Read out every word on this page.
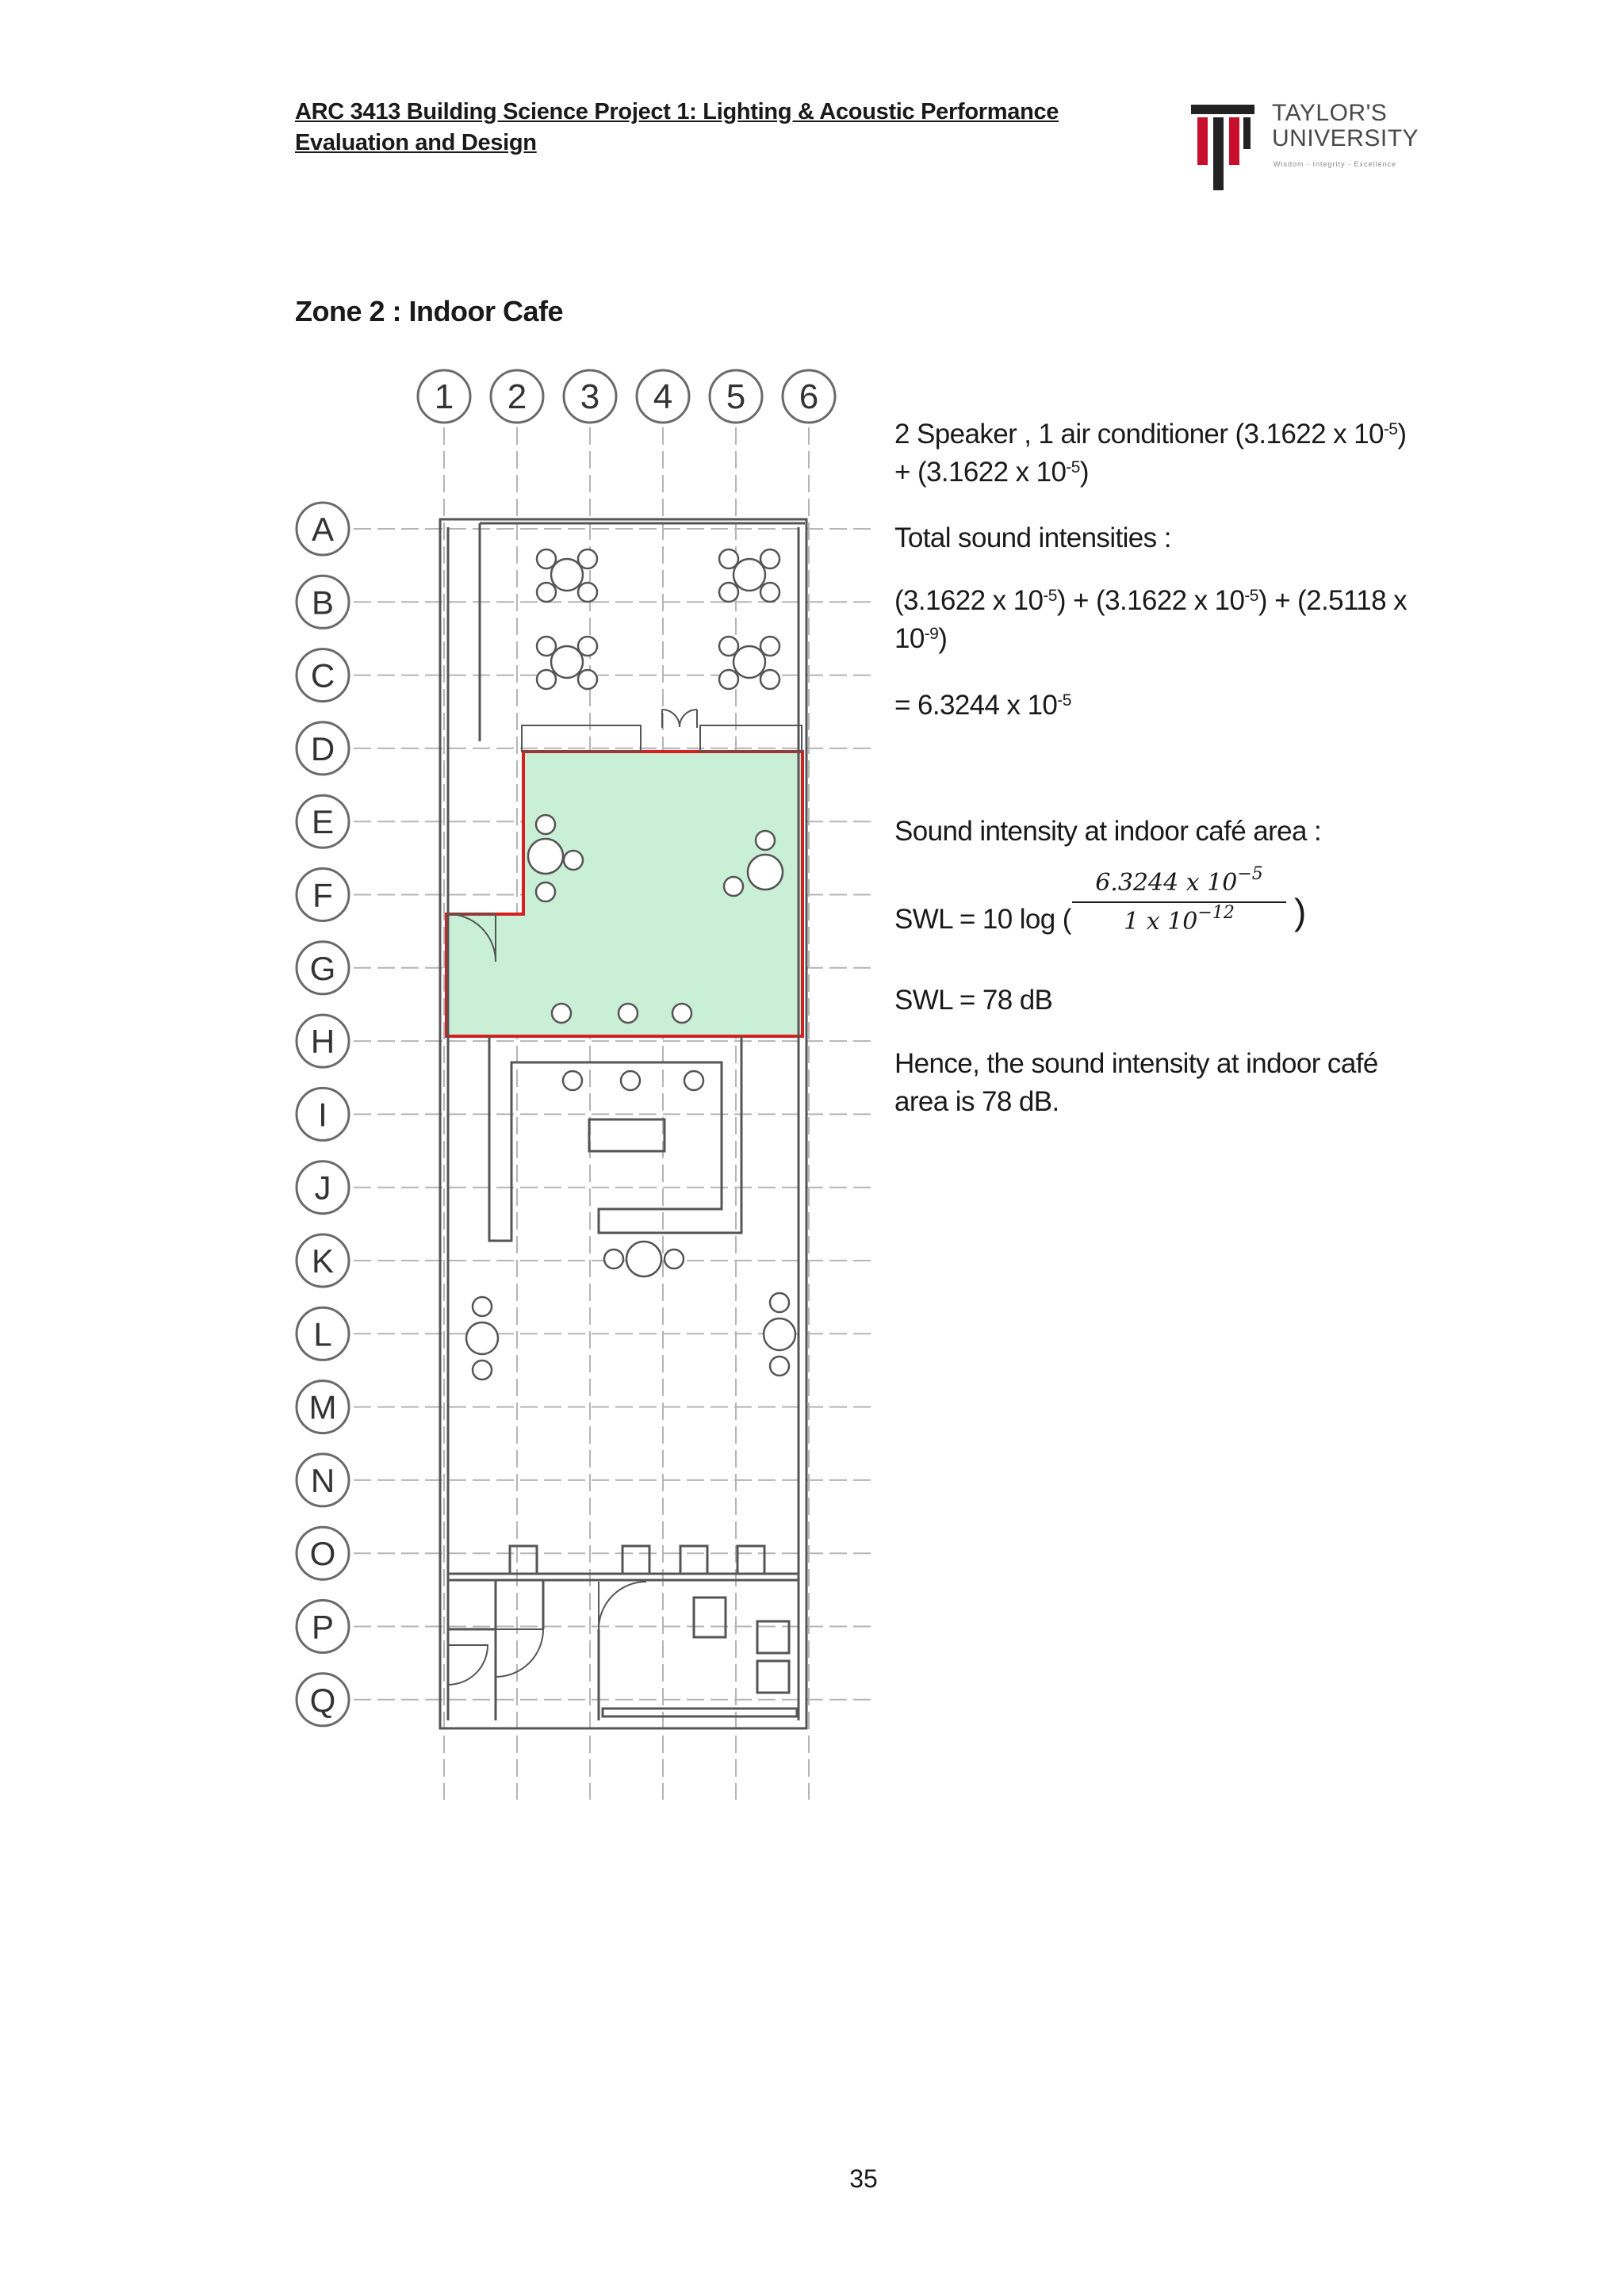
ARC 3413 Building Science Project 1: Lighting & Acoustic Performance
Evaluation and Design
TAYLOR'S
UNIVERSITY
Wisdom · Integrity · Excellence
Zone 2 : Indoor Cafe
1 2 3 4 5 6
A
B
C
D
E
F
G
H
I
J
K
L
M
N
O
P
Q
2 Speaker , 1 air conditioner (3.1622 x $10^{-5}$)
+ (3.1622 x $10^{-5}$)
Total sound intensities :
(3.1622 x $10^{-5}) + (3.1622$ x $10^{-5}) + (2.5118$ x
$10^{-9}$)
= 6.3244 x $10^{-5}$
Sound intensity at indoor café area :
SWL = 10 log ( $\frac{6.3244 x 10^{-5}}{1 x 10^{-12}}$ )
SWL = 78 dB
Hence, the sound intensity at indoor café area is 78 dB.
35
